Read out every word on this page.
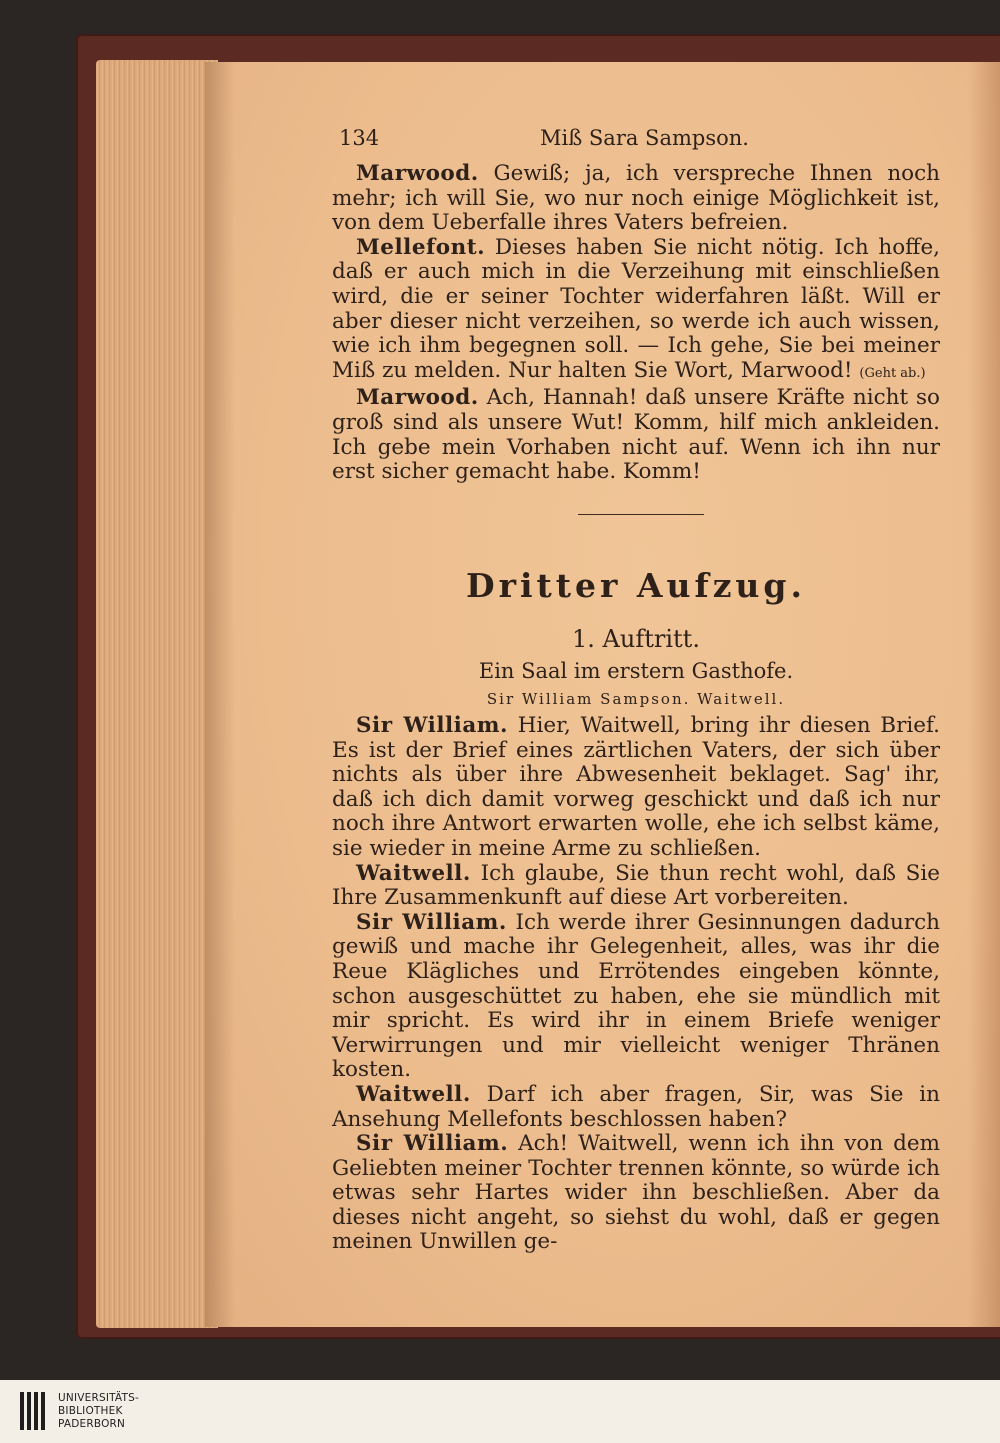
134	Miß Sara Sampson.

Marwood. Gewiß; ja, ich verspreche Ihnen noch mehr; ich will Sie, wo nur noch einige Möglichkeit ist, von dem Ueberfalle ihres Vaters befreien.

Mellefont. Dieses haben Sie nicht nötig. Ich hoffe, daß er auch mich in die Verzeihung mit einschließen wird, die er seiner Tochter widerfahren läßt. Will er aber dieser nicht verzeihen, so werde ich auch wissen, wie ich ihm begegnen soll. — Ich gehe, Sie bei meiner Miß zu melden. Nur halten Sie Wort, Marwood! (Geht ab.)

Marwood. Ach, Hannah! daß unsere Kräfte nicht so groß sind als unsere Wut! Komm, hilf mich ankleiden. Ich gebe mein Vorhaben nicht auf. Wenn ich ihn nur erst sicher gemacht habe. Komm!

Dritter Aufzug.
1. Auftritt.
Ein Saal im erstern Gasthofe.
Sir William Sampson. Waitwell.

Sir William. Hier, Waitwell, bring ihr diesen Brief. Es ist der Brief eines zärtlichen Vaters, der sich über nichts als über ihre Abwesenheit beklaget. Sag' ihr, daß ich dich damit vorweg geschickt und daß ich nur noch ihre Antwort erwarten wolle, ehe ich selbst käme, sie wieder in meine Arme zu schließen.

Waitwell. Ich glaube, Sie thun recht wohl, daß Sie Ihre Zusammenkunft auf diese Art vorbereiten.

Sir William. Ich werde ihrer Gesinnungen dadurch gewiß und mache ihr Gelegenheit, alles, was ihr die Reue Klägliches und Errötendes eingeben könnte, schon ausgeschüttet zu haben, ehe sie mündlich mit mir spricht. Es wird ihr in einem Briefe weniger Verwirrungen und mir vielleicht weniger Thränen kosten.

Waitwell. Darf ich aber fragen, Sir, was Sie in Ansehung Mellefonts beschlossen haben?

Sir William. Ach! Waitwell, wenn ich ihn von dem Geliebten meiner Tochter trennen könnte, so würde ich etwas sehr Hartes wider ihn beschließen. Aber da dieses nicht angeht, so siehst du wohl, daß er gegen meinen Unwillen ge-

UNIVERSITÄTS-
BIBLIOTHEK
PADERBORN
